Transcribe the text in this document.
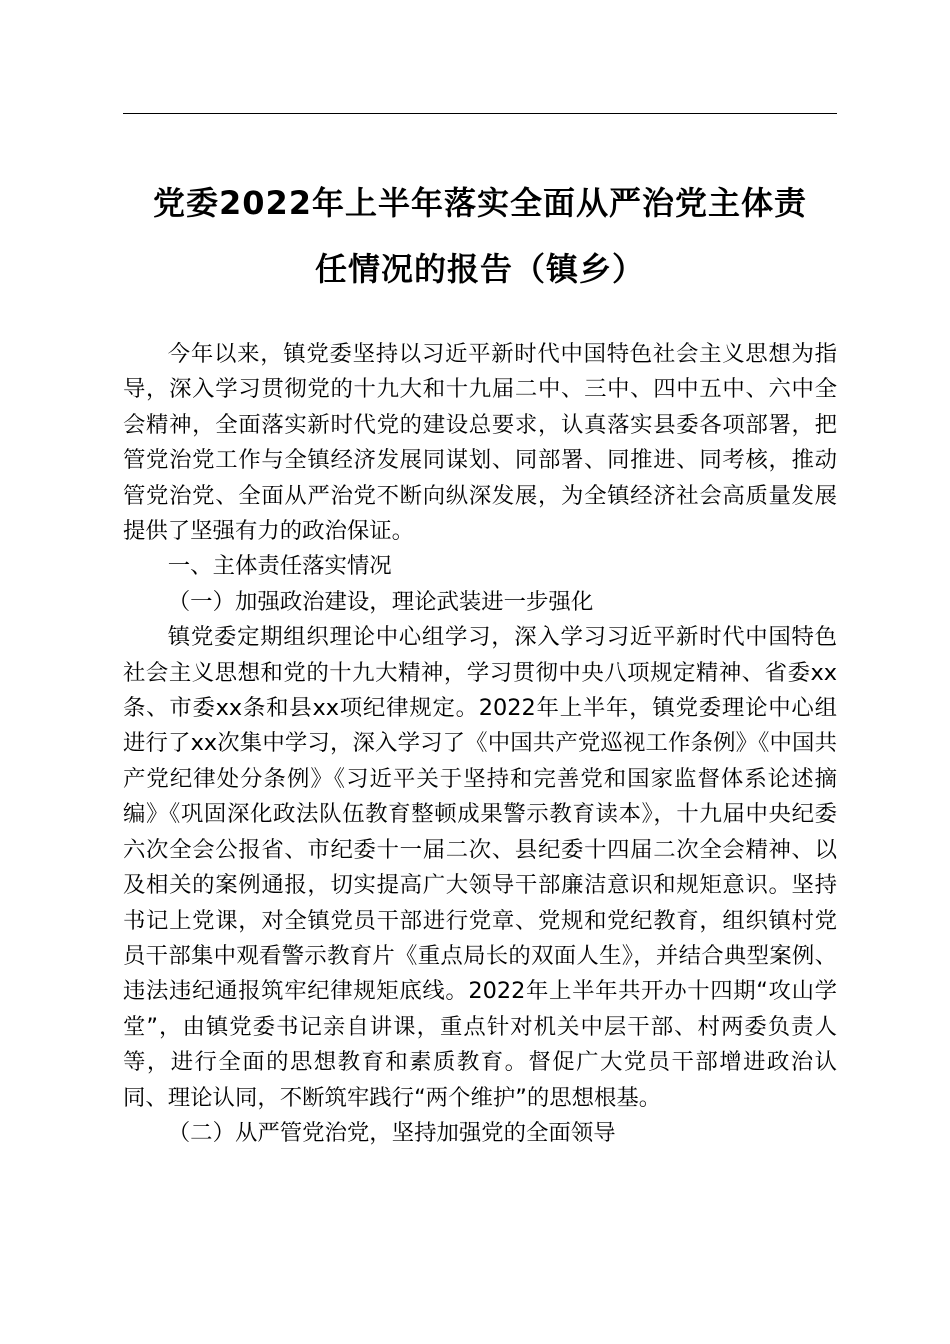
党委2022年上半年落实全面从严治党主体责
任情况的报告（镇乡）

今年以来，镇党委坚持以习近平新时代中国特色社会主义思想为指导，深入学习贯彻党的十九大和十九届二中、三中、四中五中、六中全会精神，全面落实新时代党的建设总要求，认真落实县委各项部署，把管党治党工作与全镇经济发展同谋划、同部署、同推进、同考核，推动管党治党、全面从严治党不断向纵深发展，为全镇经济社会高质量发展提供了坚强有力的政治保证。

一、主体责任落实情况

（一）加强政治建设，理论武装进一步强化

镇党委定期组织理论中心组学习，深入学习习近平新时代中国特色社会主义思想和党的十九大精神，学习贯彻中央八项规定精神、省委xx条、市委xx条和县xx项纪律规定。2022年上半年，镇党委理论中心组进行了xx次集中学习，深入学习了《中国共产党巡视工作条例》《中国共产党纪律处分条例》《习近平关于坚持和完善党和国家监督体系论述摘编》《巩固深化政法队伍教育整顿成果警示教育读本》，十九届中央纪委六次全会公报省、市纪委十一届二次、县纪委十四届二次全会精神、以及相关的案例通报，切实提高广大领导干部廉洁意识和规矩意识。坚持书记上党课，对全镇党员干部进行党章、党规和党纪教育，组织镇村党员干部集中观看警示教育片《重点局长的双面人生》，并结合典型案例、违法违纪通报筑牢纪律规矩底线。2022年上半年共开办十四期“攻山学堂”，由镇党委书记亲自讲课，重点针对机关中层干部、村两委负责人等，进行全面的思想教育和素质教育。督促广大党员干部增进政治认同、理论认同，不断筑牢践行“两个维护”的思想根基。

（二）从严管党治党，坚持加强党的全面领导
